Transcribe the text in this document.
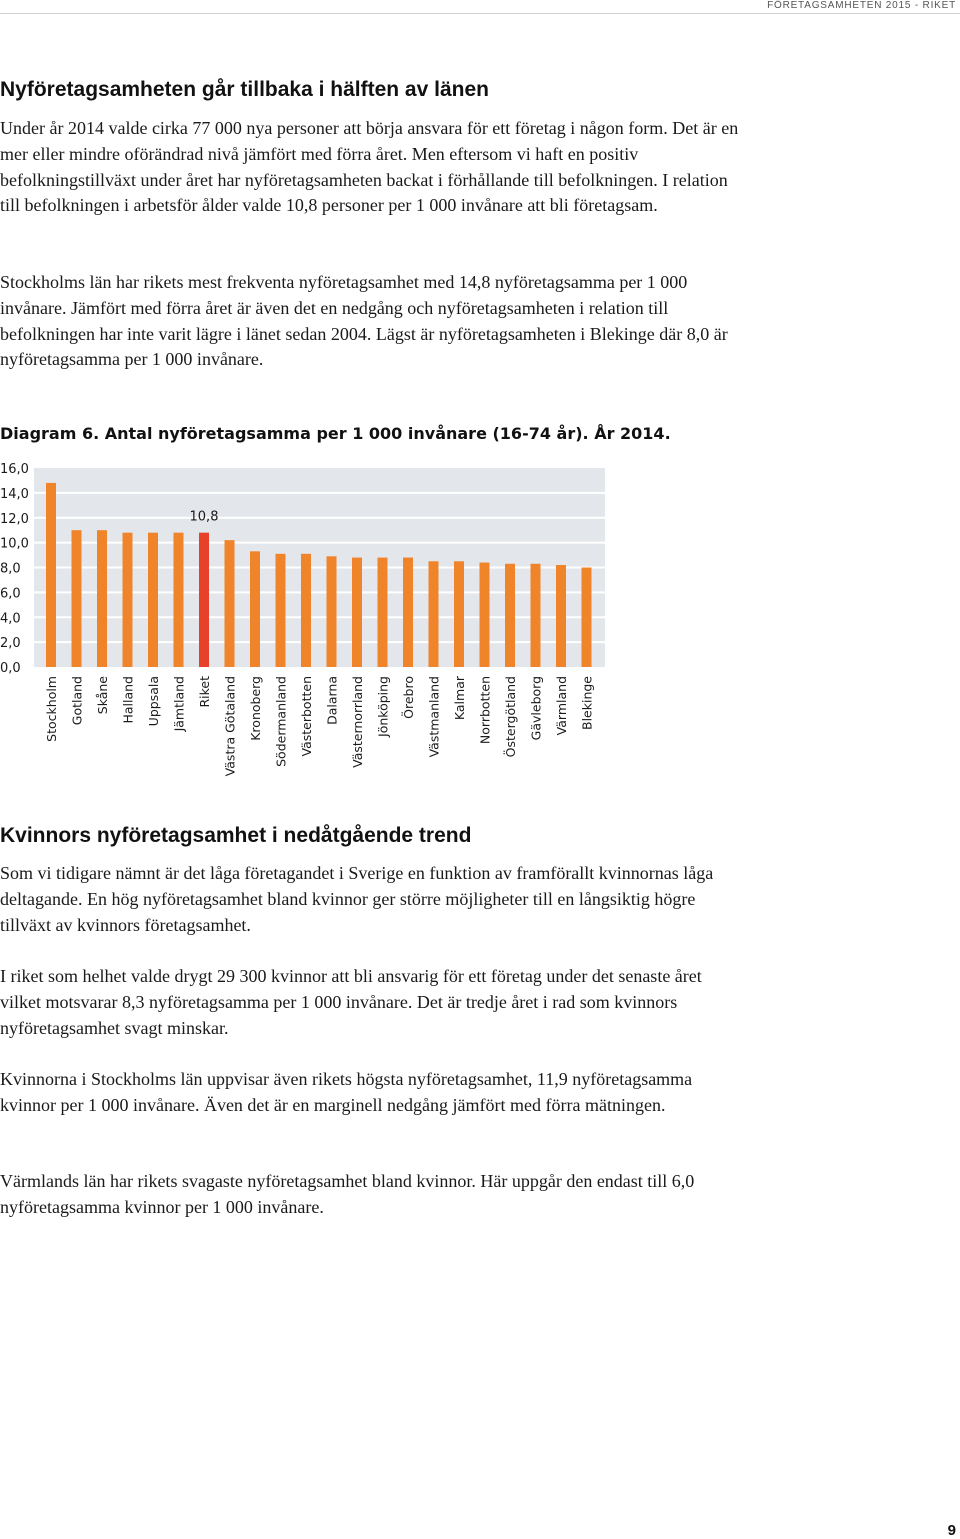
FÖRETAGSAMHETEN 2015 - RIKET
Nyföretagsamheten går tillbaka i hälften av länen

Under år 2014 valde cirka 77 000 nya personer att börja ansvara för ett företag i någon form. Det är en mer eller mindre oförändrad nivå jämfört med förra året. Men eftersom vi haft en positiv befolkningstillväxt under året har nyföretagsamheten backat i förhållande till befolkningen. I relation till befolkningen i arbetsför ålder valde 10,8 personer per 1 000 invånare att bli företagsam.

Stockholms län har rikets mest frekventa nyföretagsamhet med 14,8 nyföretagsamma per 1 000 invånare. Jämfört med förra året är även det en nedgång och nyföretagsamheten i relation till befolkningen har inte varit lägre i länet sedan 2004. Lägst är nyföretagsamheten i Blekinge där 8,0 är nyföretagsamma per 1 000 invånare.

Diagram 6. Antal nyföretagsamma per 1 000 invånare (16-74 år). År 2014.
0,0
2,0
4,0
6,0
8,0
10,0
12,0
14,0
16,0
Stockholm Gotland Skåne Halland Uppsala Jämtland Riket Västra Götaland Kronoberg Södermanland Västerbotten Dalarna Västernorrland Jönköping Örebro Västmanland Kalmar Norrbotten Östergötland Gävleborg Värmland Blekinge
10,8
Kvinnors nyföretagsamhet i nedåtgående trend

Som vi tidigare nämnt är det låga företagandet i Sverige en funktion av framförallt kvinnornas låga deltagande. En hög nyföretagsamhet bland kvinnor ger större möjligheter till en långsiktig högre tillväxt av kvinnors företagsamhet.

I riket som helhet valde drygt 29 300 kvinnor att bli ansvarig för ett företag under det senaste året vilket motsvarar 8,3 nyföretagsamma per 1 000 invånare. Det är tredje året i rad som kvinnors nyföretagsamhet svagt minskar.

Kvinnorna i Stockholms län uppvisar även rikets högsta nyföretagsamhet, 11,9 nyföretagsamma kvinnor per 1 000 invånare. Även det är en marginell nedgång jämfört med förra mätningen.

Värmlands län har rikets svagaste nyföretagsamhet bland kvinnor. Här uppgår den endast till 6,0 nyföretagsamma kvinnor per 1 000 invånare.

9
